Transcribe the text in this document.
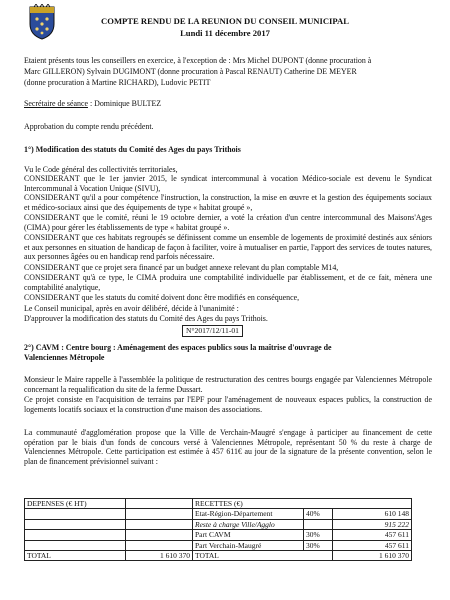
COMPTE RENDU DE LA REUNION DU CONSEIL MUNICIPAL
Lundi 11 décembre 2017
Etaient présents tous les conseillers en exercice, à l'exception de : Mrs Michel DUPONT (donne procuration à
Marc GILLERON) Sylvain DUGIMONT (donne procuration à Pascal RENAUT) Catherine DE MEYER
(donne procuration à Martine RICHARD), Ludovic PETIT
Secrétaire de séance : Dominique BULTEZ
Approbation du compte rendu précédent.
1°) Modification des statuts du Comité des Ages du pays Trithois
Vu le Code général des collectivités territoriales,
CONSIDERANT que le 1er janvier 2015, le syndicat intercommunal à vocation Médico-sociale est devenu le Syndicat Intercommunal à Vocation Unique (SIVU),
CONSIDERANT qu'il a pour compétence l'instruction, la construction, la mise en œuvre et la gestion des équipements sociaux et médico-sociaux ainsi que des équipements de type « habitat groupé »,
CONSIDERANT que le comité, réuni le 19 octobre dernier, a voté la création d'un centre intercommunal des Maisons'Ages (CIMA) pour gérer les établissements de type « habitat groupé ».
CONSIDERANT que ces habitats regroupés se définissent comme un ensemble de logements de proximité destinés aux séniors et aux personnes en situation de handicap de façon à faciliter, voire à mutualiser en partie, l'apport des services de toutes natures, aux personnes âgées ou en handicap rend parfois nécessaire.
CONSIDERANT que ce projet sera financé par un budget annexe relevant du plan comptable M14,
CONSIDERANT qu'à ce type, le CIMA produira une comptabilité individuelle par établissement, et de ce fait, mènera une comptabilité analytique,
CONSIDERANT que les statuts du comité doivent donc être modifiés en conséquence,
Le Conseil municipal, après en avoir délibéré, décide à l'unanimité :
D'approuver la modification des statuts du Comité des Ages du pays Trithois.
N°2017/12/11-01
2°) CAVM : Centre bourg : Aménagement des espaces publics sous la maîtrise d'ouvrage de
Valenciennes Métropole
Monsieur le Maire rappelle à l'assemblée la politique de restructuration des centres bourgs engagée par Valenciennes Métropole concernant la requalification du site de la ferme Dussart.
Ce projet consiste en l'acquisition de terrains par l'EPF pour l'aménagement de nouveaux espaces publics, la construction de logements locatifs sociaux et la construction d'une maison des associations.
La communauté d'agglomération propose que la Ville de Verchain-Maugré s'engage à participer au financement de cette opération par le biais d'un fonds de concours versé à Valenciennes Métropole, représentant 50 % du reste à charge de Valenciennes Métropole. Cette participation est estimée à 457 611€ au jour de la signature de la présente convention, selon le plan de financement prévisionnel suivant :
DEPENSES (€ HT)		RECETTES (€)		
		Etat-Région-Département	40%	610 148
		Reste à charge Ville/Agglo		915 222
		Part CAVM	30%	457 611
		Part Verchain-Maugré	30%	457 611
TOTAL	1 610 370	TOTAL		1 610 370
